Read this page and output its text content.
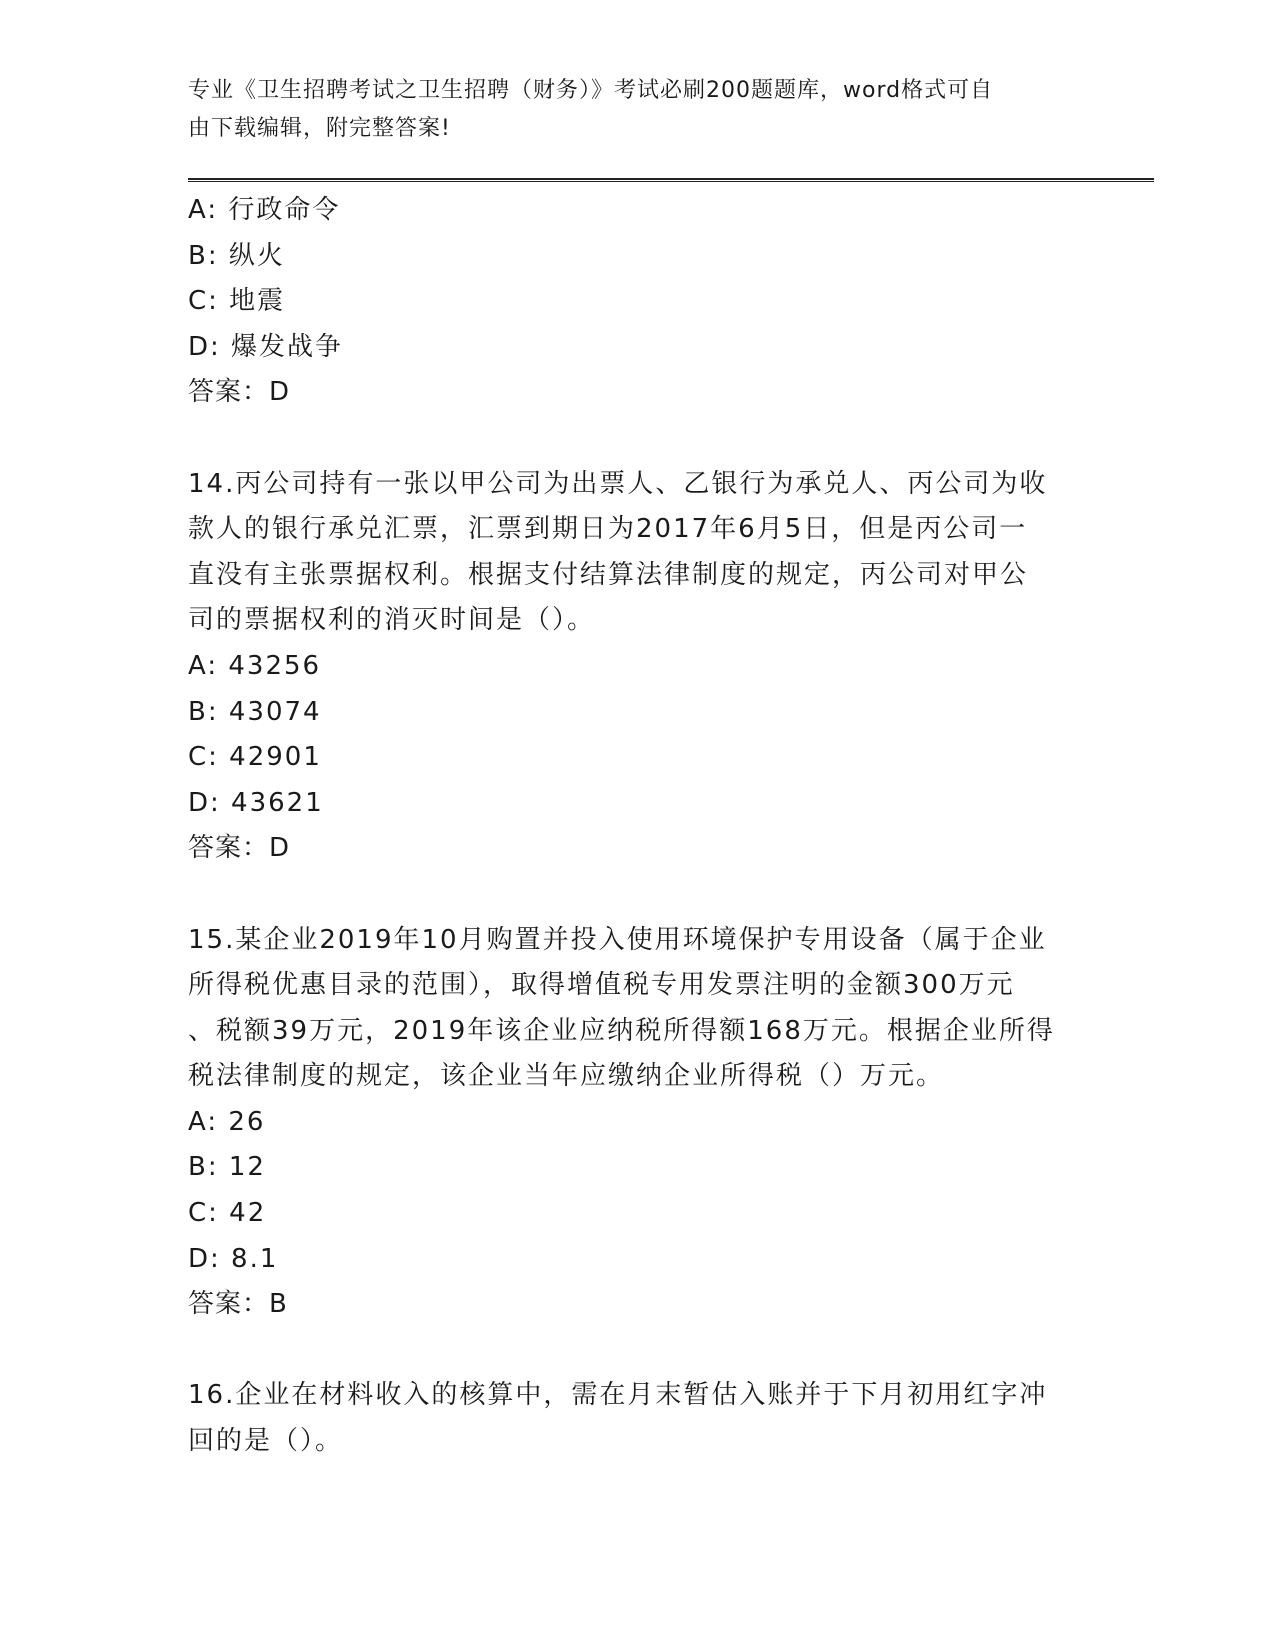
专业《卫生招聘考试之卫生招聘（财务）》考试必刷200题题库，word格式可自
由下载编辑，附完整答案!
A: 行政命令
B: 纵火
C: 地震
D: 爆发战争
答案：D
14.丙公司持有一张以甲公司为出票人、乙银行为承兑人、丙公司为收
款人的银行承兑汇票，汇票到期日为2017年6月5日，但是丙公司一
直没有主张票据权利。根据支付结算法律制度的规定，丙公司对甲公
司的票据权利的消灭时间是（）。
A: 43256
B: 43074
C: 42901
D: 43621
答案：D
15.某企业2019年10月购置并投入使用环境保护专用设备（属于企业
所得税优惠目录的范围），取得增值税专用发票注明的金额300万元
、税额39万元，2019年该企业应纳税所得额168万元。根据企业所得
税法律制度的规定，该企业当年应缴纳企业所得税（）万元。
A: 26
B: 12
C: 42
D: 8.1
答案：B
16.企业在材料收入的核算中，需在月末暂估入账并于下月初用红字冲
回的是（）。
